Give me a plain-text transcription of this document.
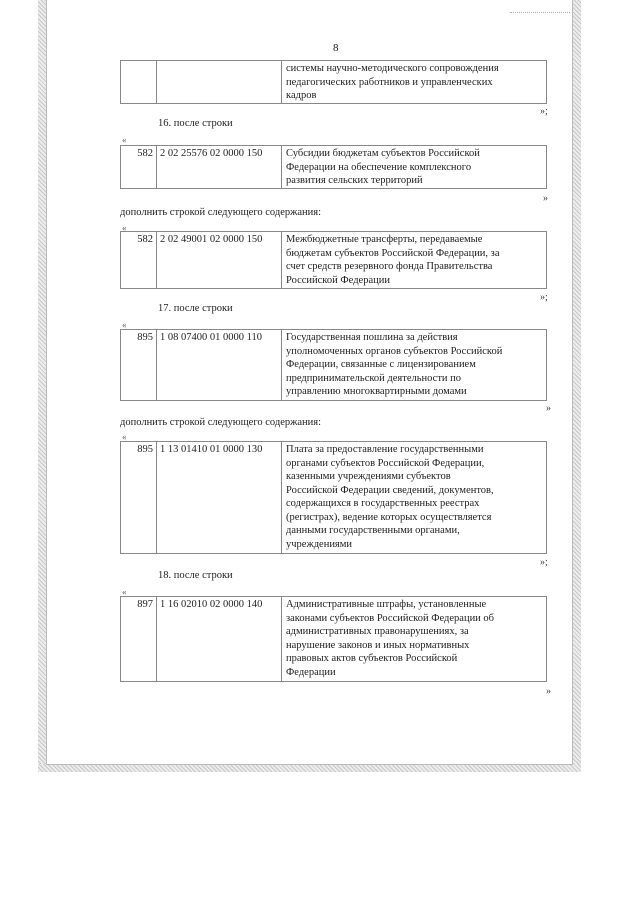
8

системы научно-методического сопровождения

педагогических работников и управленческих

кадров

»;
16. после строки
«
582 2 02 25576 02 0000 150	Субсидии бюджетам субъектов Российской

Федерации на обеспечение комплексного

развития сельских территорий

»
дополнить строкой следующего содержания:
«
582 2 02 49001 02 0000 150	Межбюджетные трансферты, передаваемые

бюджетам субъектов Российской Федерации, за

счет средств резервного фонда Правительства

Российской Федерации

»;
17. после строки
«
895 1 08 07400 01 0000 110	Государственная пошлина за действия

уполномоченных органов субъектов Российской

Федерации, связанные с лицензированием

предпринимательской деятельности по

управлению многоквартирными домами

»
дополнить строкой следующего содержания:
«
895 1 13 01410 01 0000 130	Плата за предоставление государственными

органами субъектов Российской Федерации,

казенными учреждениями субъектов

Российской Федерации сведений, документов,

содержащихся в государственных реестрах

(регистрах), ведение которых осуществляется

данными государственными органами,

учреждениями

»;
18. после строки
«
897 1 16 02010 02 0000 140	Административные штрафы, установленные

законами субъектов Российской Федерации об

административных правонарушениях, за

нарушение законов и иных нормативных

правовых актов субъектов Российской

Федерации

»
